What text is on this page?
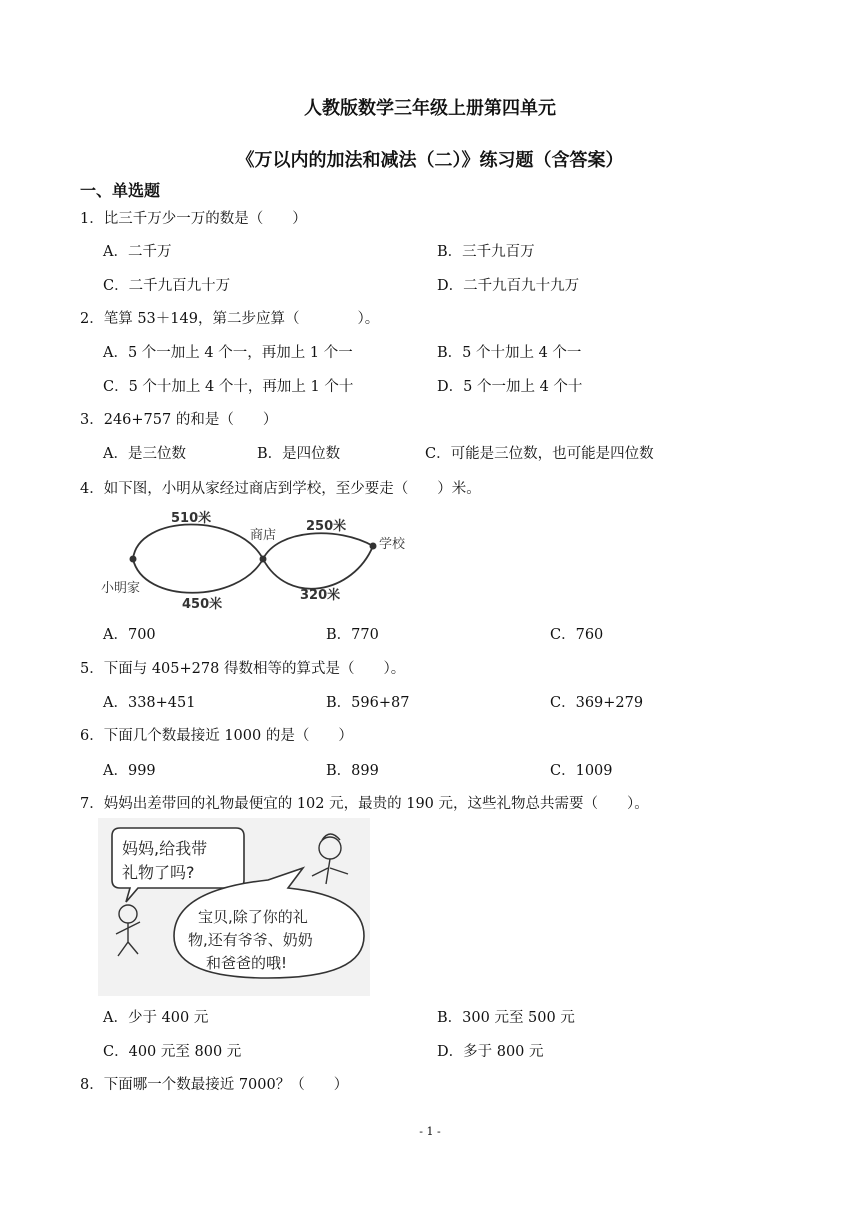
人教版数学三年级上册第四单元
《万以内的加法和减法（二）》练习题（含答案）
一、单选题
1．比三千万少一万的数是（　　）
A．二千万	B．三千九百万
C．二千九百九十万	D．二千九百九十九万
2．笔算 53＋149，第二步应算（　　　　）。
A．5 个一加上 4 个一，再加上 1 个一	B．5 个十加上 4 个一
C．5 个十加上 4 个十，再加上 1 个十	D．5 个一加上 4 个十
3．246+757 的和是（　　）
A．是三位数	B．是四位数	C．可能是三位数，也可能是四位数
4．如下图，小明从家经过商店到学校，至少要走（　　）米。
510米
商店
250米
学校
小明家
450米
320米
A．700	B．770	C．760
5．下面与 405+278 得数相等的算式是（　　）。
A．338+451	B．596+87	C．369+279
6．下面几个数最接近 1000 的是（　　）
A．999	B．899	C．1009
7．妈妈出差带回的礼物最便宜的 102 元，最贵的 190 元，这些礼物总共需要（　　）。
妈妈,给我带
礼物了吗?
宝贝,除了你的礼
物,还有爷爷、奶奶
和爸爸的哦!
A．少于 400 元	B．300 元至 500 元
C．400 元至 800 元	D．多于 800 元
8．下面哪一个数最接近 7000？（　　）
- 1 -
